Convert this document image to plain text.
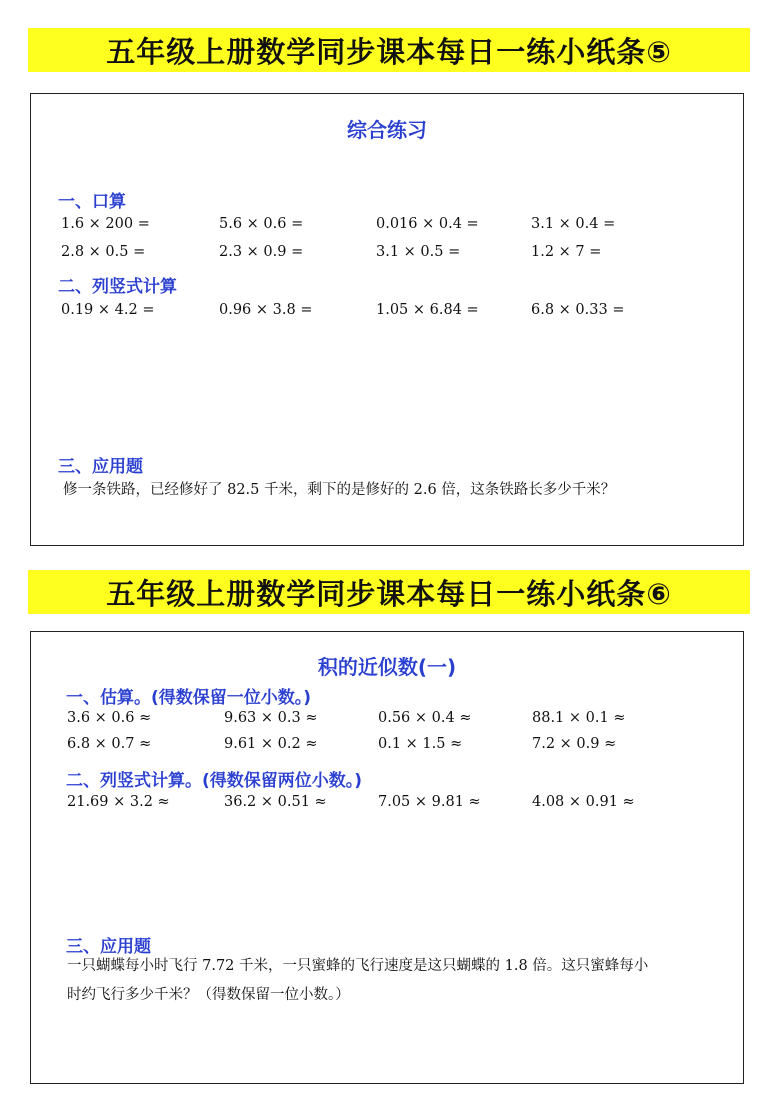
五年级上册数学同步课本每日一练小纸条⑤
综合练习
一、口算
1.6 × 200 =	5.6 × 0.6 =	0.016 × 0.4 =	3.1 × 0.4 =
2.8 × 0.5 =	2.3 × 0.9 =	3.1 × 0.5 =	1.2 × 7 =
二、列竖式计算
0.19 × 4.2 =	0.96 × 3.8 =	1.05 × 6.84 =	6.8 × 0.33 =
三、应用题
修一条铁路，已经修好了 82.5 千米，剩下的是修好的 2.6 倍，这条铁路长多少千米？
五年级上册数学同步课本每日一练小纸条⑥
积的近似数(一)
一、估算。(得数保留一位小数。)
3.6 × 0.6 ≈	9.63 × 0.3 ≈	0.56 × 0.4 ≈	88.1 × 0.1 ≈
6.8 × 0.7 ≈	9.61 × 0.2 ≈	0.1 × 1.5 ≈	7.2 × 0.9 ≈
二、列竖式计算。(得数保留两位小数。)
21.69 × 3.2 ≈	36.2 × 0.51 ≈	7.05 × 9.81 ≈	4.08 × 0.91 ≈
三、应用题
一只蝴蝶每小时飞行 7.72 千米，一只蜜蜂的飞行速度是这只蝴蝶的 1.8 倍。这只蜜蜂每小
时约飞行多少千米？（得数保留一位小数。）
